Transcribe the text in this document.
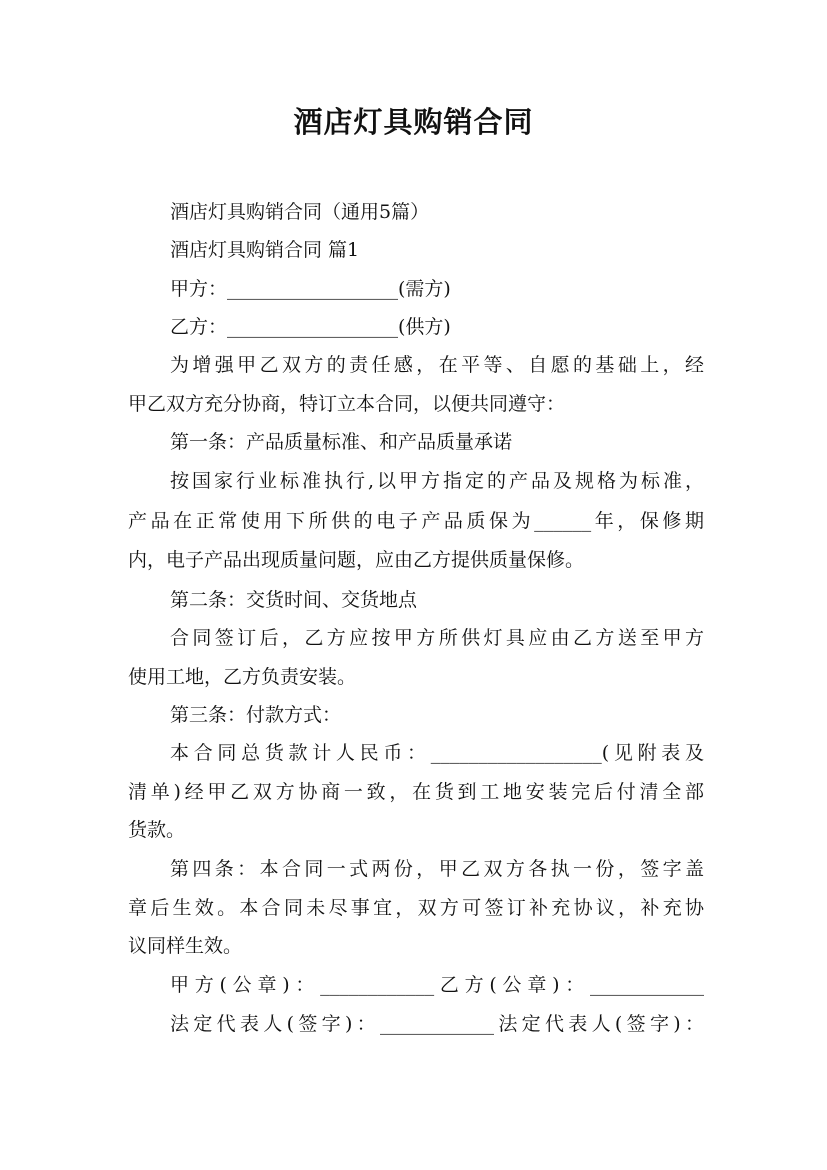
酒店灯具购销合同
酒店灯具购销合同（通用5篇）
酒店灯具购销合同 篇1
甲方：__________________(需方)
乙方：__________________(供方)
为增强甲乙双方的责任感，在平等、自愿的基础上，经
甲乙双方充分协商，特订立本合同，以便共同遵守：
第一条：产品质量标准、和产品质量承诺
按国家行业标准执行,以甲方指定的产品及规格为标准，
产品在正常使用下所供的电子产品质保为______年，保修期
内，电子产品出现质量问题，应由乙方提供质量保修。
第二条：交货时间、交货地点
合同签订后，乙方应按甲方所供灯具应由乙方送至甲方
使用工地，乙方负责安装。
第三条：付款方式：
本合同总货款计人民币：__________________(见附表及
清单)经甲乙双方协商一致，在货到工地安装完后付清全部
货款。
第四条：本合同一式两份，甲乙双方各执一份，签字盖
章后生效。本合同未尽事宜，双方可签订补充协议，补充协
议同样生效。
甲方(公章)：____________乙方(公章)：____________
法定代表人(签字)：____________法定代表人(签字)：
